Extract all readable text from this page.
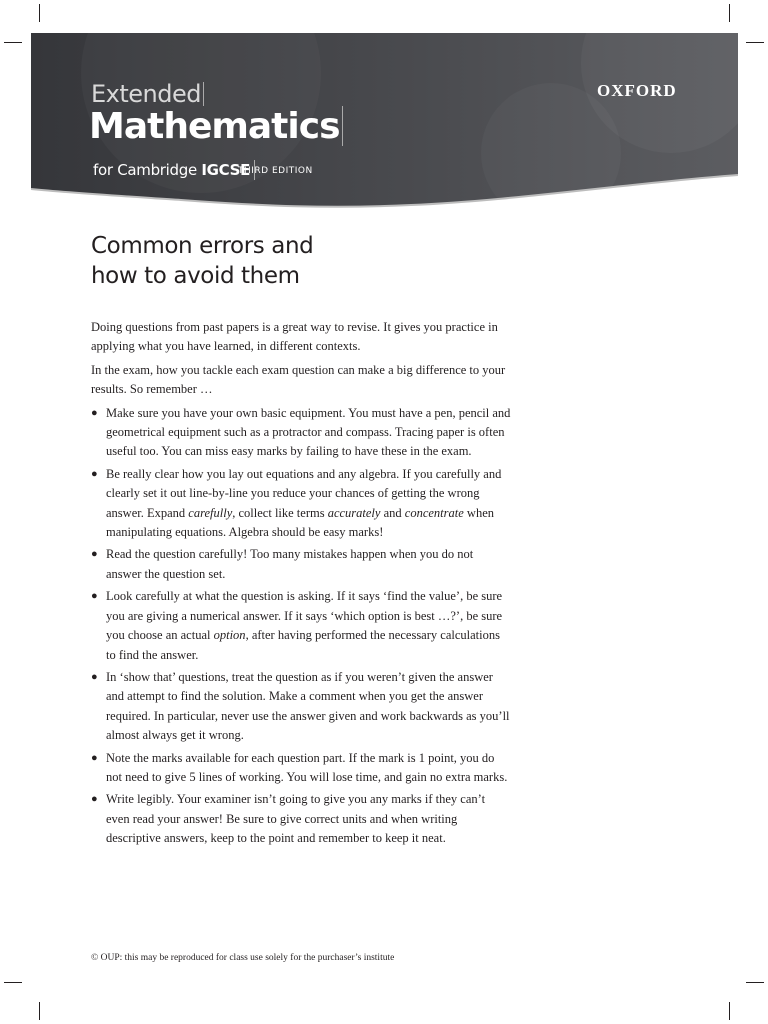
Extended
Mathematics
for Cambridge IGCSE
THIRD EDITION
OXFORD
Common errors and
how to avoid them

Doing questions from past papers is a great way to revise. It gives you practice in applying what you have learned, in different contexts.

In the exam, how you tackle each exam question can make a big difference to your results. So remember …

● Make sure you have your own basic equipment. You must have a pen, pencil and geometrical equipment such as a protractor and compass. Tracing paper is often useful too. You can miss easy marks by failing to have these in the exam.
● Be really clear how you lay out equations and any algebra. If you carefully and clearly set it out line-by-line you reduce your chances of getting the wrong answer. Expand carefully, collect like terms accurately and concentrate when manipulating equations. Algebra should be easy marks!
● Read the question carefully! Too many mistakes happen when you do not answer the question set.
● Look carefully at what the question is asking. If it says ‘find the value’, be sure you are giving a numerical answer. If it says ‘which option is best …?’, be sure you choose an actual option, after having performed the necessary calculations to find the answer.
● In ‘show that’ questions, treat the question as if you weren’t given the answer and attempt to find the solution. Make a comment when you get the answer required. In particular, never use the answer given and work backwards as you’ll almost always get it wrong.
● Note the marks available for each question part. If the mark is 1 point, you do not need to give 5 lines of working. You will lose time, and gain no extra marks.
● Write legibly. Your examiner isn’t going to give you any marks if they can’t even read your answer! Be sure to give correct units and when writing descriptive answers, keep to the point and remember to keep it neat.
© OUP: this may be reproduced for class use solely for the purchaser’s institute
